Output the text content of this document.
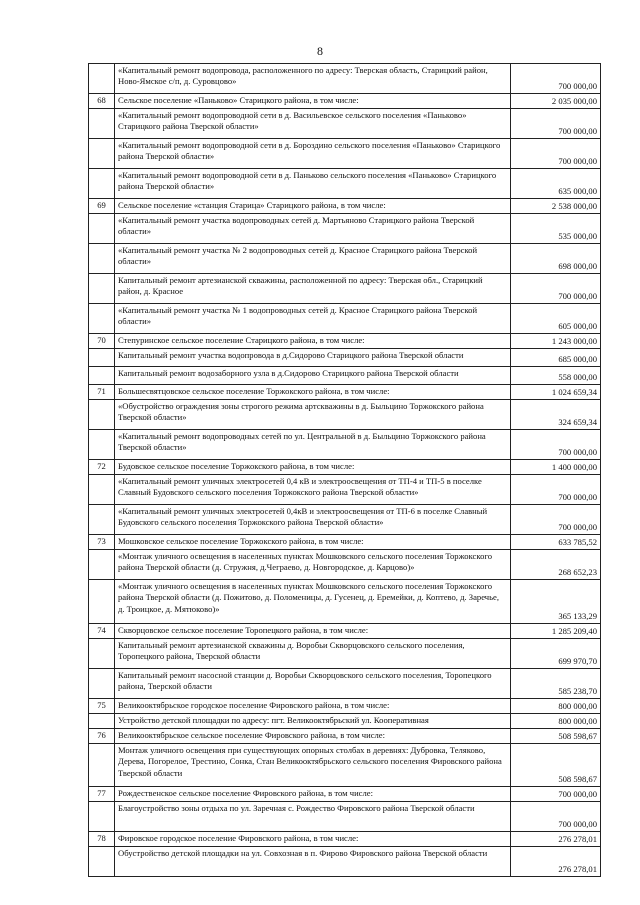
8
	«Капитальный ремонт водопровода, расположенного по адресу: Тверская область, Старицкий район, Ново-Ямское с/п, д. Суровцово»	700 000,00
68	Сельское поселение «Паньково» Старицкого района, в том числе:	2 035 000,00
	«Капитальный ремонт водопроводной сети в д. Васильевское сельского поселения «Паньково» Старицкого района Тверской области»	700 000,00
	«Капитальный ремонт водопроводной сети в д. Бороздино сельского поселения «Паньково» Старицкого района Тверской области»	700 000,00
	«Капитальный ремонт водопроводной сети в д. Паньково сельского поселения «Паньково» Старицкого района Тверской области»	635 000,00
69	Сельское поселение «станция Старица» Старицкого района, в том числе:	2 538 000,00
	«Капитальный ремонт участка водопроводных сетей д. Мартьяново Старицкого района Тверской области»	535 000,00
	«Капитальный ремонт участка № 2 водопроводных сетей д. Красное Старицкого района Тверской области»	698 000,00
	Капитальный ремонт артезианской скважины, расположенной по адресу: Тверская обл., Старицкий район, д. Красное	700 000,00
	«Капитальный ремонт участка № 1 водопроводных сетей д. Красное Старицкого района Тверской области»	605 000,00
70	Степуринское сельское поселение Старицкого района, в том числе:	1 243 000,00
	Капитальный ремонт участка водопровода в д.Сидорово Старицкого района Тверской области	685 000,00
	Капитальный ремонт водозаборного узла в д.Сидорово Старицкого района Тверской области	558 000,00
71	Большесвятцовское сельское поселение Торжокского района, в том числе:	1 024 659,34
	«Обустройство ограждения зоны строгого режима артскважины в д. Быльцино Торжокского района Тверской области»	324 659,34
	«Капитальный ремонт водопроводных сетей по ул. Центральной в д. Быльцино Торжокского района Тверской области»	700 000,00
72	Будовское сельское поселение Торжокского района, в том числе:	1 400 000,00
	«Капитальный ремонт уличных электросетей 0,4 кВ и электроосвещения от ТП-4 и ТП-5 в поселке Славный Будовского сельского поселения Торжокского района Тверской области»	700 000,00
	«Капитальный ремонт уличных электросетей 0,4кВ и электроосвещения от ТП-6 в поселке Славный Будовского сельского поселения Торжокского района Тверской области»	700 000,00
73	Мошковское сельское поселение Торжокского района, в том числе:	633 785,52
	«Монтаж уличного освещения в населенных пунктах Мошковского сельского поселения Торжокского района Тверской области (д. Стружня, д.Чеграево, д. Новгородское, д. Карцово)»	268 652,23
	«Монтаж уличного освещения в населенных пунктах Мошковского сельского поселения Торжокского района Тверской области (д. Пожитово, д. Поломеницы, д. Гусенец, д. Еремейки, д. Коптево, д. Заречье, д. Троицкое, д. Мятюково)»	365 133,29
74	Скворцовское сельское поселение Торопецкого района, в том числе:	1 285 209,40
	Капитальный ремонт артезианской скважины д. Воробьи Скворцовского сельского поселения, Торопецкого района, Тверской области	699 970,70
	Капитальный ремонт насосной станции д. Воробьи Скворцовского сельского поселения, Торопецкого района, Тверской области	585 238,70
75	Великооктябрьское городское поселение Фировского района, в том числе:	800 000,00
	Устройство детской площадки по адресу: пгт. Великооктябрьский ул. Кооперативная	800 000,00
76	Великооктябрьское сельское поселение Фировского района, в том числе:	508 598,67
	Монтаж уличного освещения при существующих опорных столбах в деревнях: Дубровка, Теляково, Дерева, Погорелое, Трестино, Сонка, Стан Великооктябрьского сельского поселения Фировского района Тверской области	508 598,67
77	Рождественское сельское поселение Фировского района, в том числе:	700 000,00
	Благоустройство зоны отдыха по ул. Заречная с. Рождество Фировского района Тверской области	700 000,00
78	Фировское городское поселение Фировского района, в том числе:	276 278,01
	Обустройство детской площадки на ул. Совхозная в п. Фирово Фировского района Тверской области	276 278,01
